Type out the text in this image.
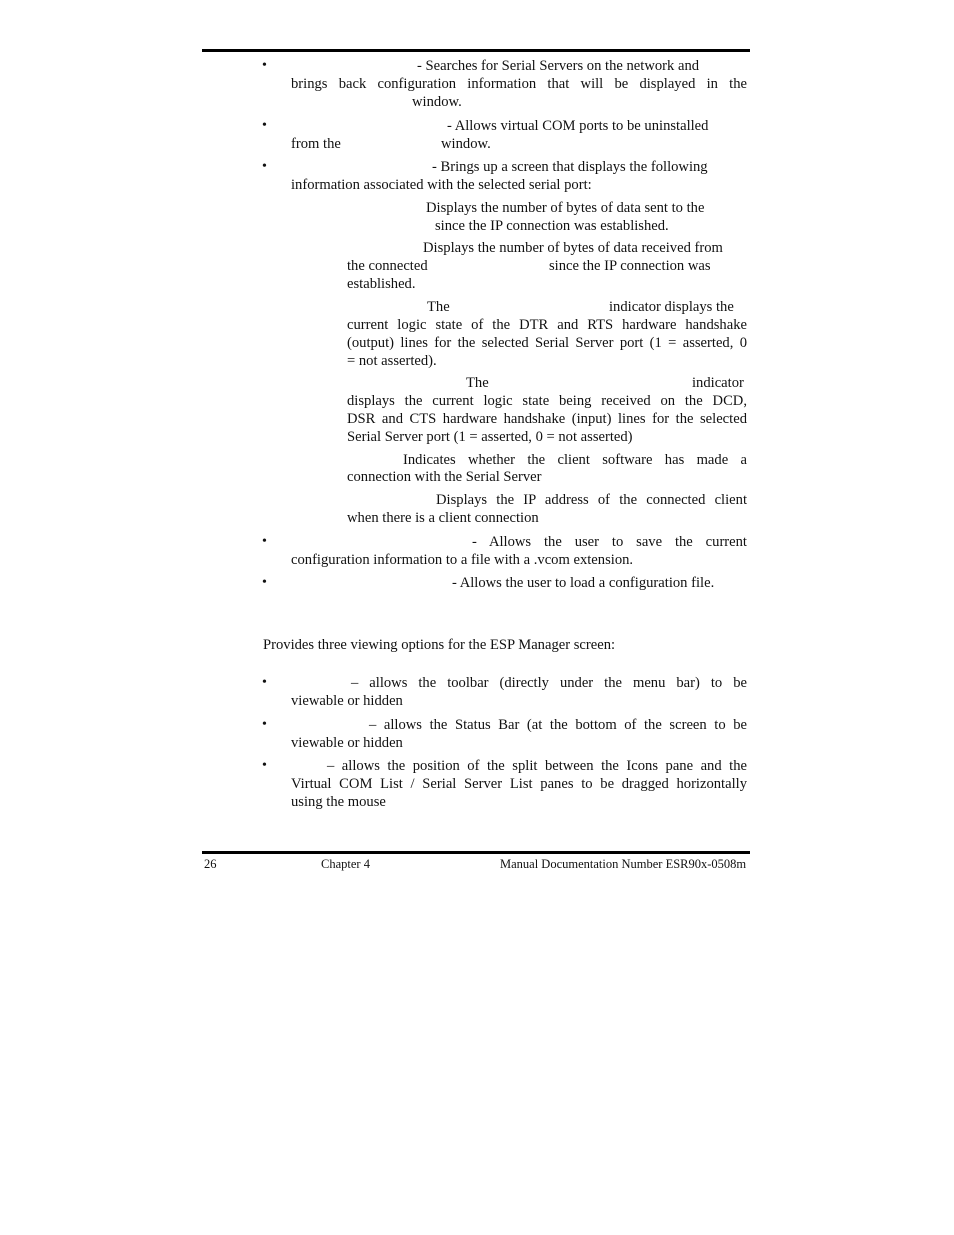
•	- Searches for Serial Servers on the network and
brings back configuration information that will be displayed in the
window.
•	- Allows virtual COM ports to be uninstalled
from the	window.
•	- Brings up a screen that displays the following
information associated with the selected serial port:
Displays the number of bytes of data sent to the
since the IP connection was established.
Displays the number of bytes of data received from
the connected	since the IP connection was
established.
The	indicator displays the
current logic state of the DTR and RTS hardware handshake
(output) lines for the selected Serial Server port (1 = asserted, 0
= not asserted).
The	indicator
displays the current logic state being received on the DCD,
DSR and CTS hardware handshake (input) lines for the selected
Serial Server port (1 = asserted, 0 = not asserted)
Indicates whether the client software has made a
connection with the Serial Server
Displays the IP address of the connected client
when there is a client connection
•	- Allows the user to save the current
configuration information to a file with a .vcom extension.
•	- Allows the user to load a configuration file.
Provides three viewing options for the ESP Manager screen:
•	– allows the toolbar (directly under the menu bar) to be
viewable or hidden
•	– allows the Status Bar (at the bottom of the screen to be
viewable or hidden
•	– allows the position of the split between the Icons pane and the
Virtual COM List / Serial Server List panes to be dragged horizontally
using the mouse
26	Chapter 4	Manual Documentation Number ESR90x-0508m
